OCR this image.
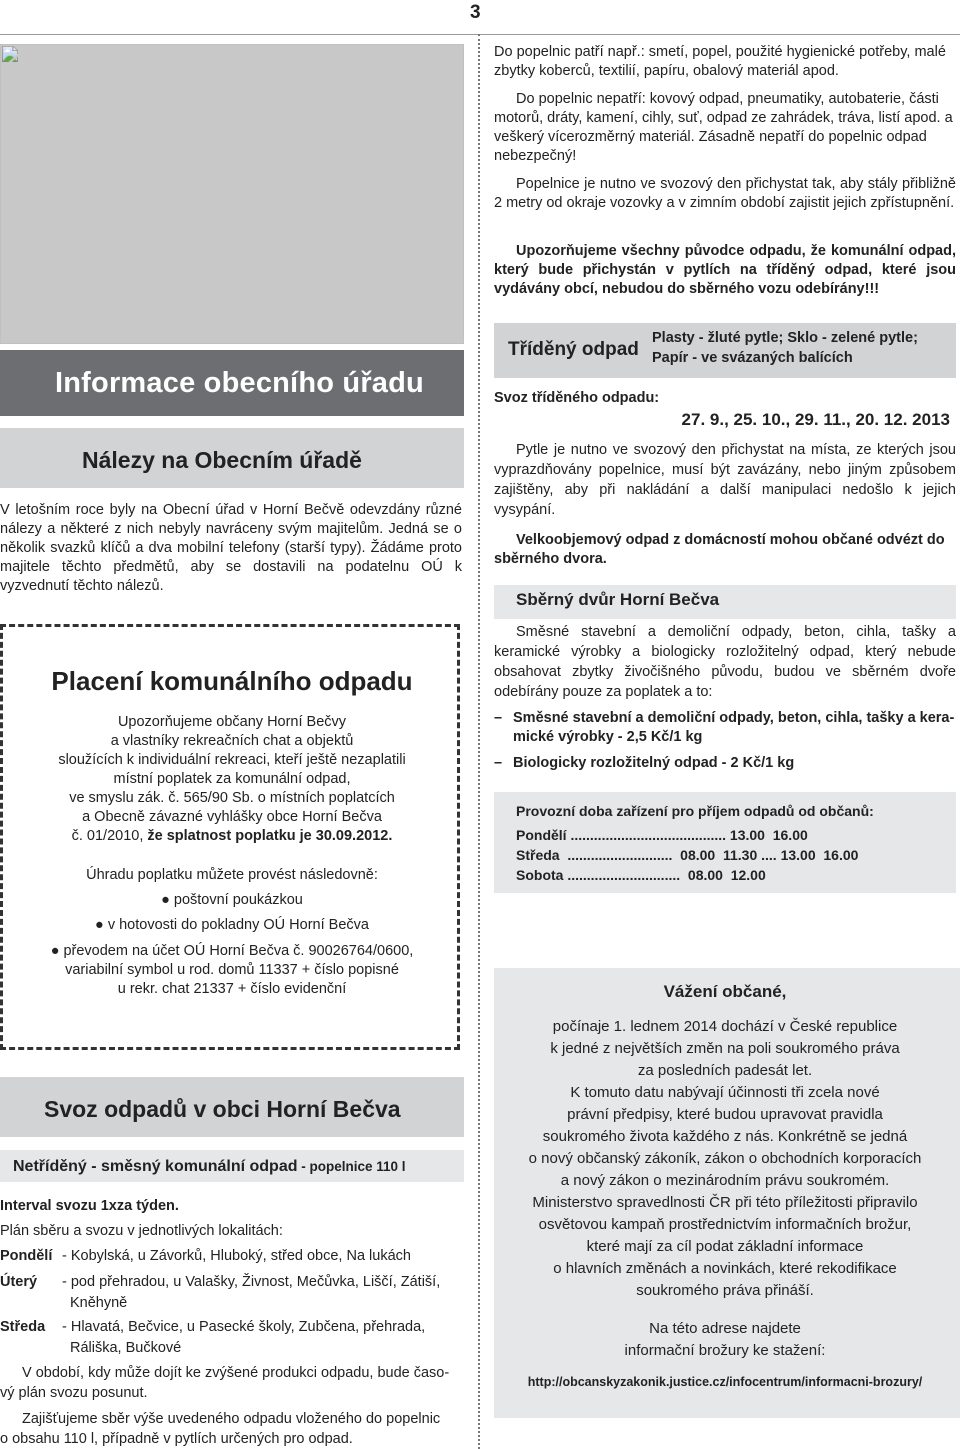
3
Informace obecního úřadu
Nálezy na Obecním úřadě
V letošním roce byly na Obecní úřad v Horní Bečvě odevzdány různé nálezy a některé z nich nebyly navráceny svým majitelům. Jedná se o několik svazků klíčů a dva mobilní telefony (starší typy). Žádáme proto majitele těchto předmětů, aby se dostavili na podatelnu OÚ k vyzvednutí těchto nálezů.
Placení komunálního odpadu
Upozorňujeme občany Horní Bečvy
a vlastníky rekreačních chat a objektů
sloužících k individuální rekreaci, kteří ještě nezaplatili
místní poplatek za komunální odpad,
ve smyslu zák. č. 565/90 Sb. o místních poplatcích
a Obecně závazné vyhlášky obce Horní Bečva
č. 01/2010, že splatnost poplatku je 30.09.2012.
Úhradu poplatku můžete provést následovně:
● poštovní poukázkou
● v hotovosti do pokladny OÚ Horní Bečva
● převodem na účet OÚ Horní Bečva č. 90026764/0600,
variabilní symbol u rod. domů 11337 + číslo popisné
u rekr. chat 21337 + číslo evidenční
Svoz odpadů v obci Horní Bečva
Netříděný - směsný komunální odpad - popelnice 110 l
Interval svozu 1xza týden.
Plán sběru a svozu v jednotlivých lokalitách:
Pondělí - Kobylská, u Závorků, Hluboký, střed obce, Na lukách
Úterý - pod přehradou, u Valašky, Živnost, Mečůvka, Liščí, Zátiší,
Kněhyně
Středa - Hlavatá, Bečvice, u Pasecké školy, Zubčena, přehrada,
Ráliška, Bučkové
V období, kdy může dojít ke zvýšené produkci odpadu, bude časo-
vý plán svozu posunut.
Zajišťujeme sběr výše uvedeného odpadu vloženého do popelnic
o obsahu 110 l, případně v pytlích určených pro odpad.
Do popelnic patří např.: smetí, popel, použité hygienické potřeby, malé zbytky koberců, textilií, papíru, obalový materiál apod.
Do popelnic nepatří: kovový odpad, pneumatiky, autobaterie, části motorů, dráty, kamení, cihly, suť, odpad ze zahrádek, tráva, listí apod. a veškerý vícerozměrný materiál. Zásadně nepatří do popelnic odpad nebezpečný!
Popelnice je nutno ve svozový den přichystat tak, aby stály přibližně 2 metry od okraje vozovky a v zimním období zajistit jejich zpřístupnění.
Upozorňujeme všechny původce odpadu, že komunální odpad, který bude přichystán v pytlích na tříděný odpad, které jsou vydávány obcí, nebudou do sběrného vozu odebírány!!!
Tříděný odpad
Plasty - žluté pytle; Sklo - zelené pytle;
Papír - ve svázaných balících
Svoz tříděného odpadu:
27. 9., 25. 10., 29. 11., 20. 12. 2013
Pytle je nutno ve svozový den přichystat na místa, ze kterých jsou vyprazdňovány popelnice, musí být zavázány, nebo jiným způsobem zajištěny, aby při nakládání a další manipulaci nedošlo k jejich vysypání.
Velkoobjemový odpad z domácností mohou občané odvézt do sběrného dvora.
Sběrný dvůr Horní Bečva
Směsné stavební a demoliční odpady, beton, cihla, tašky a keramické výrobky a biologicky rozložitelný odpad, který nebude obsahovat zbytky živočišného původu, budou ve sběrném dvoře odebírány pouze za poplatek a to:
– Směsné stavební a demoliční odpady, beton, cihla, tašky a kera-
mické výrobky - 2,5 Kč/1 kg
– Biologicky rozložitelný odpad - 2 Kč/1 kg
Provozní doba zařízení pro příjem odpadů od občanů:
Pondělí ........................................ 13.00  16.00
Středa  ...........................  08.00  11.30 .... 13.00  16.00
Sobota .............................  08.00  12.00
Vážení občané,
počínaje 1. lednem 2014 dochází v České republice
k jedné z největších změn na poli soukromého práva
za posledních padesát let.
K tomuto datu nabývají účinnosti tři zcela nové
právní předpisy, které budou upravovat pravidla
soukromého života každého z nás. Konkrétně se jedná
o nový občanský zákoník, zákon o obchodních korporacích
a nový zákon o mezinárodním právu soukromém.
Ministerstvo spravedlnosti ČR při této příležitosti připravilo
osvětovou kampaň prostřednictvím informačních brožur,
které mají za cíl podat základní informace
o hlavních změnách a novinkách, které rekodifikace
soukromého práva přináší.
Na této adrese najdete
informační brožury ke stažení:
http://obcanskyzakonik.justice.cz/infocentrum/informacni-brozury/
